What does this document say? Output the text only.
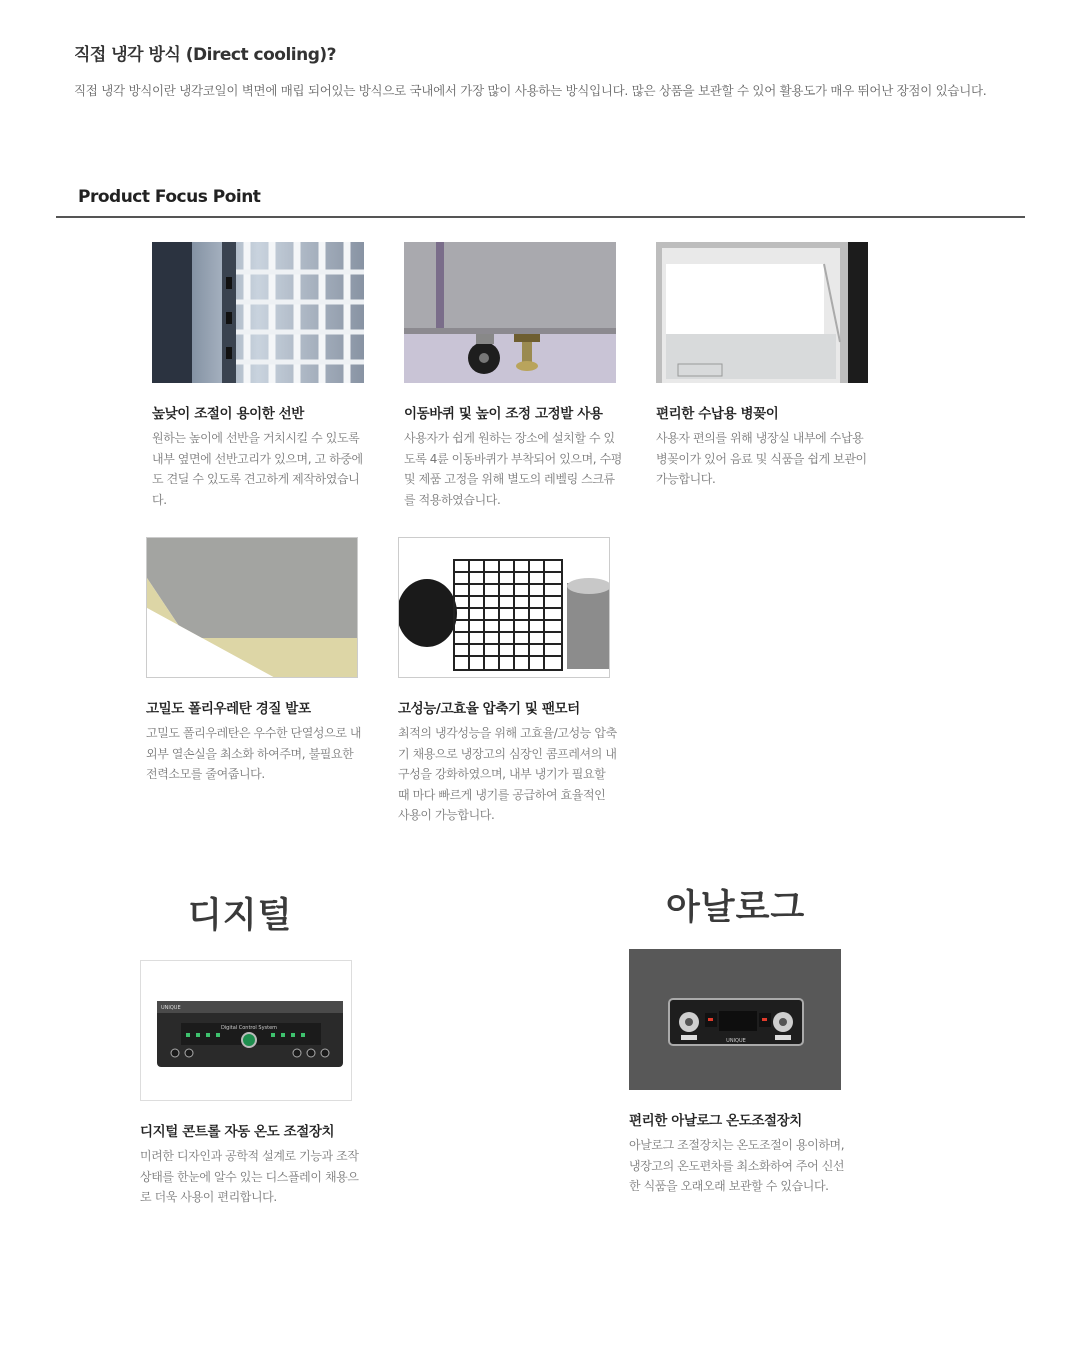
직접 냉각 방식 (Direct cooling)?
직접 냉각 방식이란 냉각코일이 벽면에 매립 되어있는 방식으로 국내에서 가장 많이 사용하는 방식입니다. 많은 상품을 보관할 수 있어 활용도가 매우 뛰어난 장점이 있습니다.
Product Focus Point
높낮이 조절이 용이한 선반
원하는 높이에 선반을 거치시킬 수 있도록 내부 옆면에 선반고리가 있으며, 고 하중에도 견딜 수 있도록 견고하게 제작하였습니다.
이동바퀴 및 높이 조정 고정발 사용
사용자가 쉽게 원하는 장소에 설치할 수 있도록 4륜 이동바퀴가 부착되어 있으며, 수평 및 제품 고정을 위해 별도의 레벨링 스크류를 적용하였습니다.
편리한 수납용 병꽂이
사용자 편의를 위해 냉장실 내부에 수납용 병꽂이가 있어 음료 및 식품을 쉽게 보관이 가능합니다.
고밀도 폴리우레탄 경질 발포
고밀도 폴리우레탄은 우수한 단열성으로 내외부 열손실을 최소화 하여주며, 불필요한 전력소모를 줄여줍니다.
고성능/고효율 압축기 및 팬모터
최적의 냉각성능을 위해 고효율/고성능 압축기 채용으로 냉장고의 심장인 콤프레셔의 내구성을 강화하였으며, 내부 냉기가 필요할 때 마다 빠르게 냉기를 공급하여 효율적인 사용이 가능합니다.
디지털
Digital Control System
UNIQUE
디지털 콘트롤 자동 온도 조절장치
미려한 디자인과 공학적 설계로 기능과 조작 상태를 한눈에 알수 있는 디스플레이 채용으로 더욱 사용이 편리합니다.
아날로그
UNIQUE
편리한 아날로그 온도조절장치
아날로그 조절장치는 온도조절이 용이하며, 냉장고의 온도편차를 최소화하여 주어 신선한 식품을 오래오래 보관할 수 있습니다.
